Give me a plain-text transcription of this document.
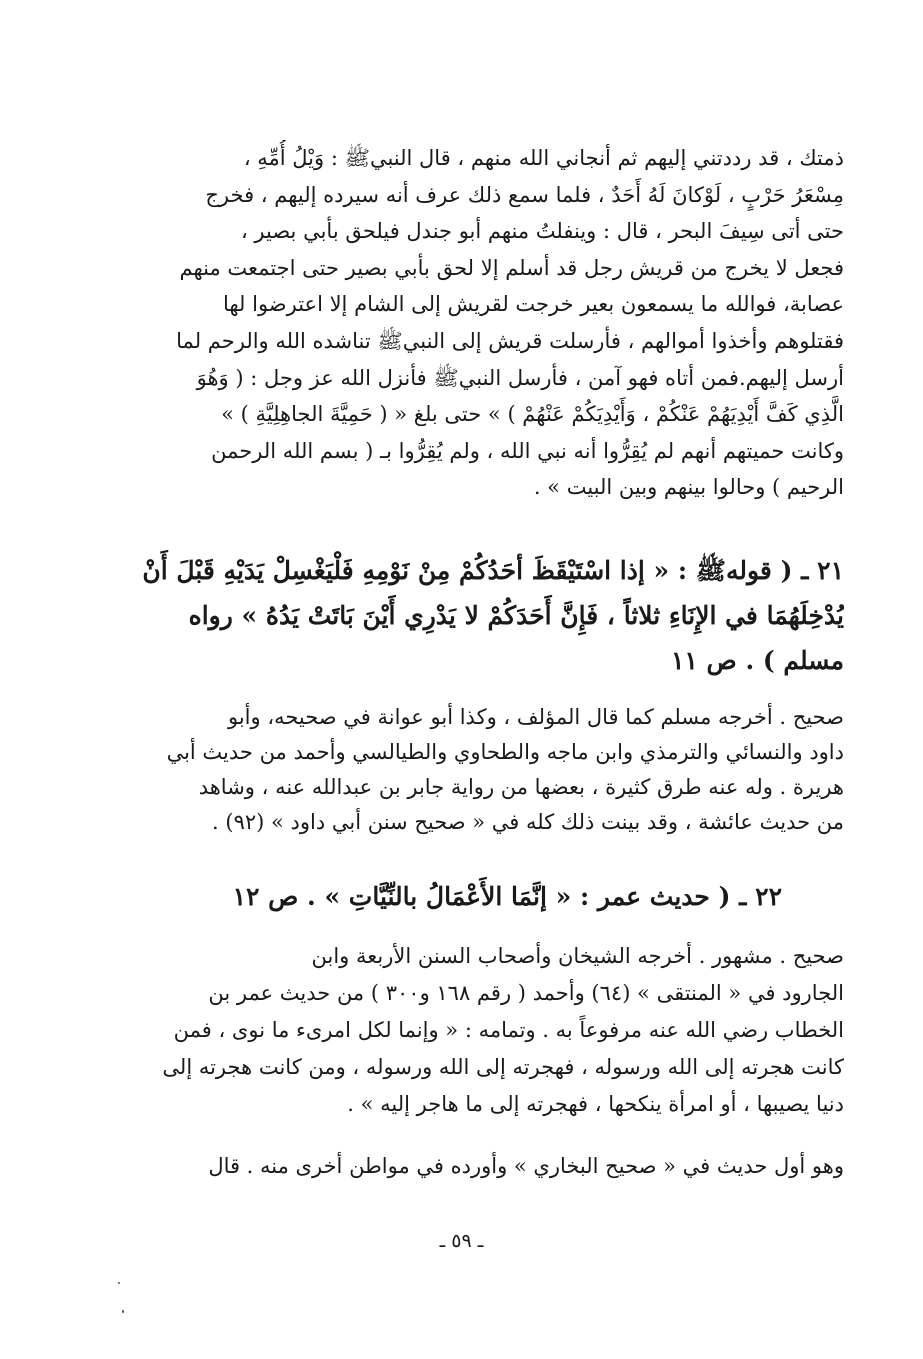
ذمتك ، قد رددتني إليهم ثم أنجاني الله منهم ، قال النبيﷺ : وَيْلُ أُمِّهِ ،
مِسْعَرُ حَرْبٍ ، لَوْكانَ لَهُ أَحَدٌ ، فلما سمع ذلك عرف أنه سيرده إليهم ، فخرج
حتى أتى سِيفَ البحر ، قال : وينفلتُ منهم أبو جندل فيلحق بأبي بصير ،
فجعل لا يخرج من قريش رجل قد أسلم إلا لحق بأبي بصير حتى اجتمعت منهم
عصابة، فوالله ما يسمعون بعير خرجت لقريش إلى الشام إلا اعترضوا لها
فقتلوهم وأخذوا أموالهم ، فأرسلت قريش إلى النبيﷺ تناشده الله والرحم لما
أرسل إليهم.فمن أتاه فهو آمن ، فأرسل النبيﷺ فأنزل الله عز وجل : ( وَهُوَ
الَّذِي كَفَّ أَيْدِيَهُمْ عَنْكُمْ ، وَأَيْدِيَكُمْ عَنْهُمْ ) » حتى بلغ « ( حَمِيَّةَ الجاهِلِيَّةِ ) »
وكانت حميتهم أنهم لم يُقِرُّوا أنه نبي الله ، ولم يُقِرُّوا بـ ( بسم الله الرحمن
الرحيم ) وحالوا بينهم وبين البيت » .
٢١ ـ ( قولهﷺ : « إذا اسْتَيْقَظَ أحَدُكُمْ مِنْ نَوْمِهِ فَلْيَغْسِلْ يَدَيْهِ قَبْلَ أَنْ
يُدْخِلَهُمَا في الإِنَاءِ ثلاثاً ، فَإِنَّ أَحَدَكُمْ لا يَدْرِي أَيْنَ بَاتَتْ يَدُهُ » رواه
مسلم ) . ص ١١
صحيح . أخرجه مسلم كما قال المؤلف ، وكذا أبو عوانة في صحيحه، وأبو
داود والنسائي والترمذي وابن ماجه والطحاوي والطيالسي وأحمد من حديث أبي
هريرة . وله عنه طرق كثيرة ، بعضها من رواية جابر بن عبدالله عنه ، وشاهد
من حديث عائشة ، وقد بينت ذلك كله في « صحيح سنن أبي داود » (٩٢) .
٢٢ ـ ( حديث عمر : « إنَّمَا الأَعْمَالُ بالنِّيَّاتِ » . ص ١٢
صحيح . مشهور . أخرجه الشيخان وأصحاب السنن الأربعة وابن
الجارود في « المنتقى » (٦٤) وأحمد ( رقم ١٦٨ و٣٠٠ ) من حديث عمر بن
الخطاب رضي الله عنه مرفوعاً به . وتمامه : « وإنما لكل امرىء ما نوى ، فمن
كانت هجرته إلى الله ورسوله ، فهجرته إلى الله ورسوله ، ومن كانت هجرته إلى
دنيا يصيبها ، أو امرأة ينكحها ، فهجرته إلى ما هاجر إليه » .
وهو أول حديث في « صحيح البخاري » وأورده في مواطن أخرى منه . قال
ـ ٥٩ ـ
